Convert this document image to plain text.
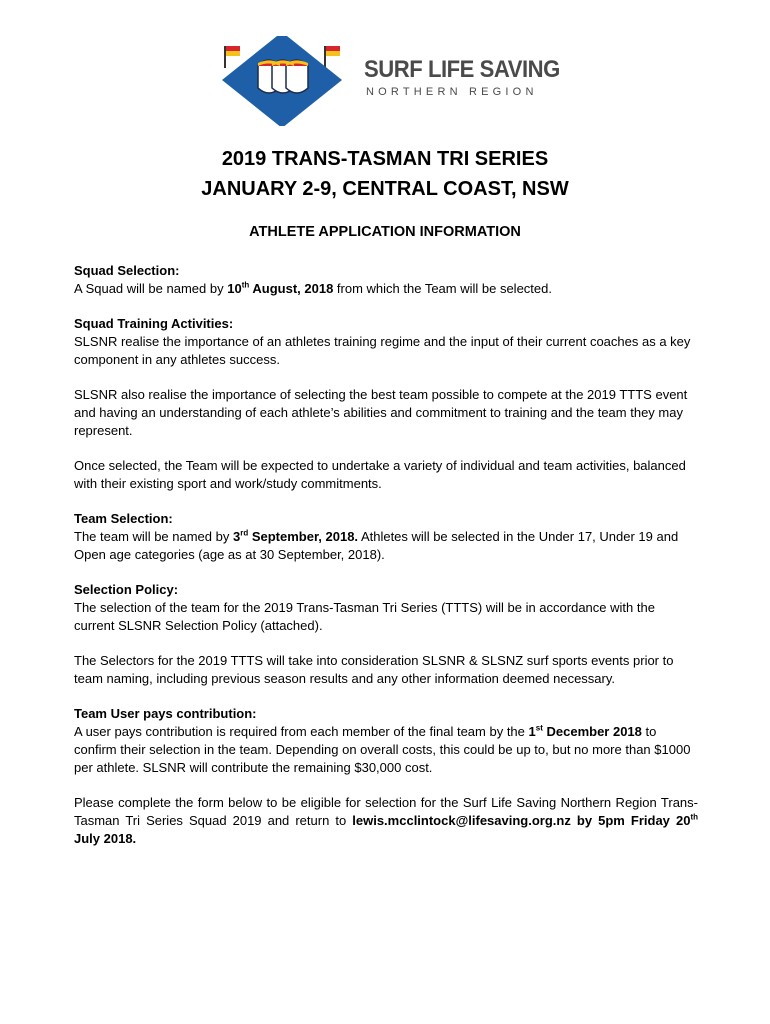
SURF LIFE SAVING
NORTHERN REGION
2019 TRANS-TASMAN TRI SERIES
JANUARY 2-9, CENTRAL COAST, NSW
ATHLETE APPLICATION INFORMATION

Squad Selection:
A Squad will be named by 10th August, 2018 from which the Team will be selected.

Squad Training Activities:
SLSNR realise the importance of an athletes training regime and the input of their current coaches as a key component in any athletes success.

SLSNR also realise the importance of selecting the best team possible to compete at the 2019 TTTS event and having an understanding of each athlete’s abilities and commitment to training and the team they may represent.

Once selected, the Team will be expected to undertake a variety of individual and team activities, balanced with their existing sport and work/study commitments.

Team Selection:
The team will be named by 3rd September, 2018. Athletes will be selected in the Under 17, Under 19 and Open age categories (age as at 30 September, 2018).

Selection Policy:
The selection of the team for the 2019 Trans-Tasman Tri Series (TTTS) will be in accordance with the current SLSNR Selection Policy (attached).

The Selectors for the 2019 TTTS will take into consideration SLSNR & SLSNZ surf sports events prior to team naming, including previous season results and any other information deemed necessary.

Team User pays contribution:
A user pays contribution is required from each member of the final team by the 1st December 2018 to confirm their selection in the team. Depending on overall costs, this could be up to, but no more than $1000 per athlete. SLSNR will contribute the remaining $30,000 cost.

Please complete the form below to be eligible for selection for the Surf Life Saving Northern Region Trans-Tasman Tri Series Squad 2019 and return to lewis.mcclintock@lifesaving.org.nz by 5pm Friday 20th July 2018.
